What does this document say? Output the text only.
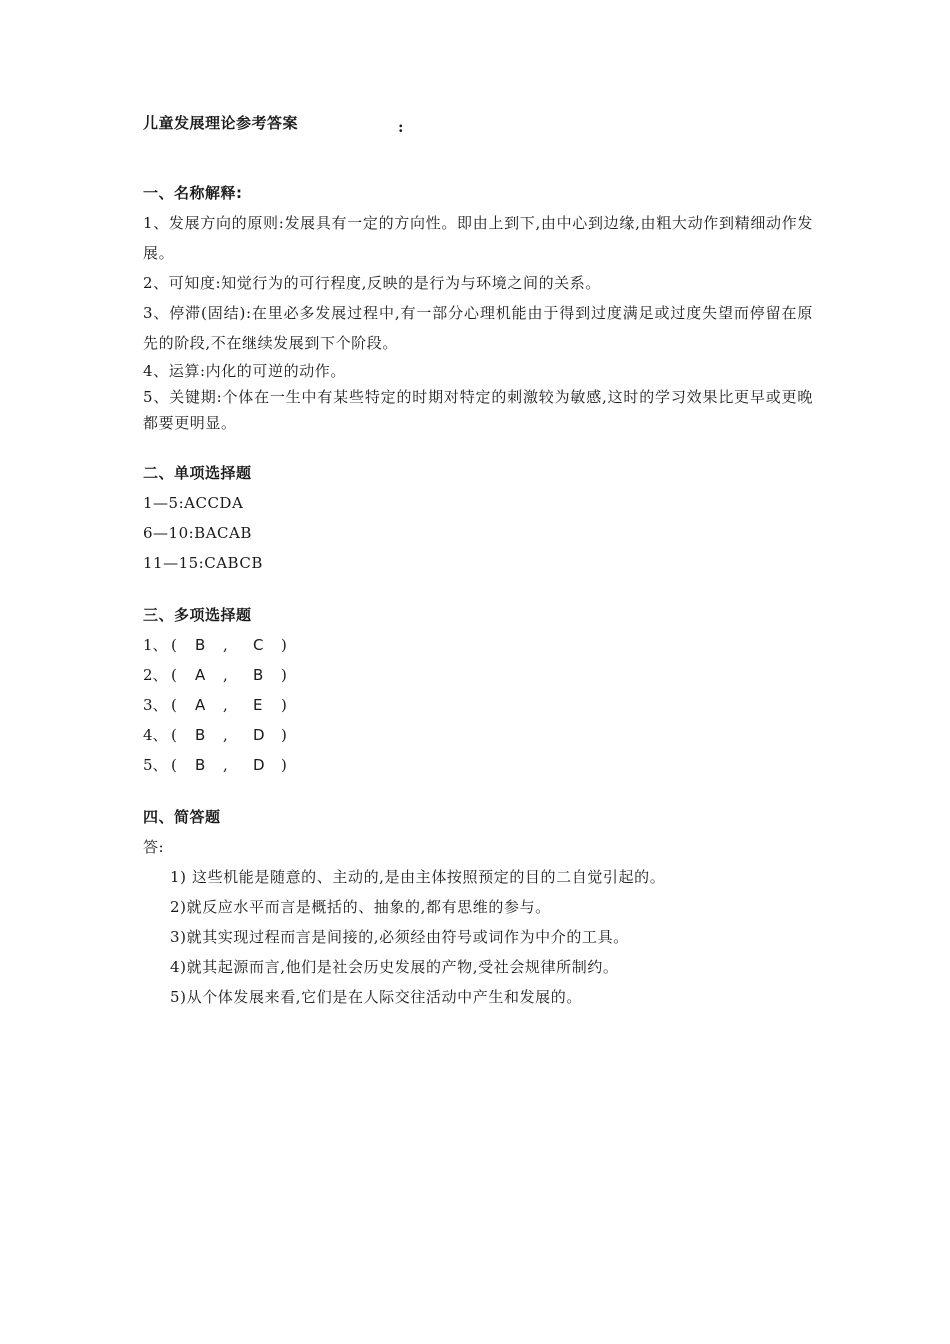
儿童发展理论参考答案	:
一、名称解释:
1、发展方向的原则:发展具有一定的方向性。即由上到下,由中心到边缘,由粗大动作到精细动作发展。
2、可知度:知觉行为的可行程度,反映的是行为与环境之间的关系。
3、停滞(固结):在里必多发展过程中,有一部分心理机能由于得到过度满足或过度失望而停留在原先的阶段,不在继续发展到下个阶段。
4、运算:内化的可逆的动作。
5、关键期:个体在一生中有某些特定的时期对特定的刺激较为敏感,这时的学习效果比更早或更晚都要更明显。
二、单项选择题
1—5:ACCDA
6—10:BACAB
11—15:CABCB
三、多项选择题
1、 ( B , C )
2、 ( A , B )
3、 ( A , E )
4、 ( B , D )
5、 ( B , D )
四、简答题
答:
1) 这些机能是随意的、主动的,是由主体按照预定的目的二自觉引起的。
2)就反应水平而言是概括的、抽象的,都有思维的参与。
3)就其实现过程而言是间接的,必须经由符号或词作为中介的工具。
4)就其起源而言,他们是社会历史发展的产物,受社会规律所制约。
5)从个体发展来看,它们是在人际交往活动中产生和发展的。
